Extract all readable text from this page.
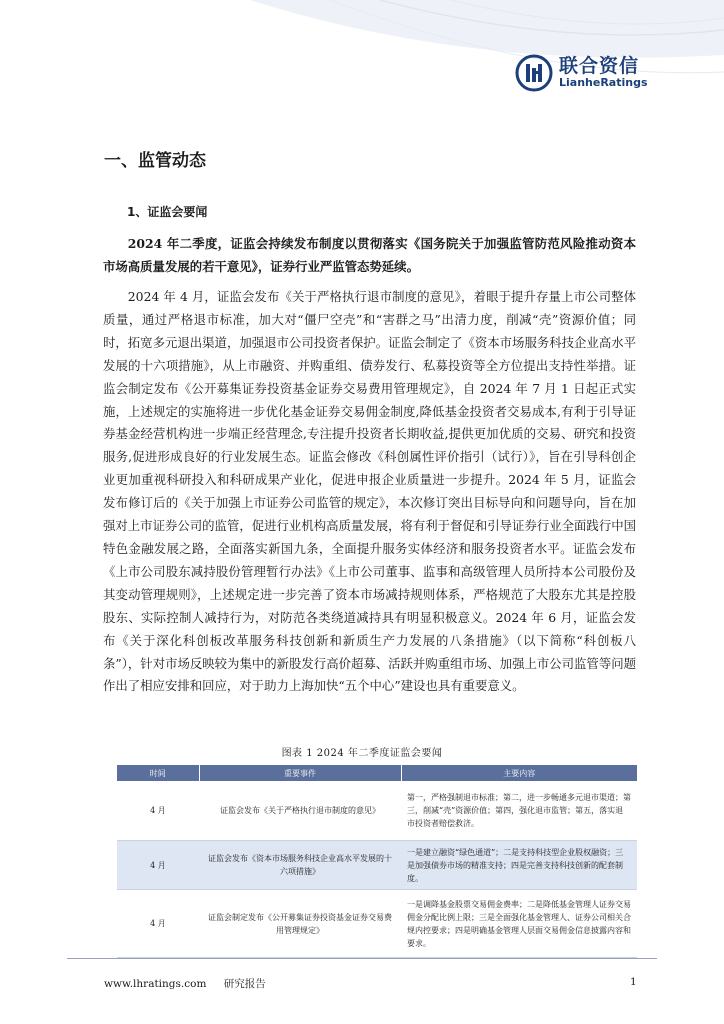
联合资信
LianheRatings
一、监管动态
1、证监会要闻

2024 年二季度，证监会持续发布制度以贯彻落实《国务院关于加强监管防范风险推动资本市场高质量发展的若干意见》，证券行业严监管态势延续。

2024 年 4 月，证监会发布《关于严格执行退市制度的意见》，着眼于提升存量上市公司整体质量，通过严格退市标准，加大对“僵尸空壳”和“害群之马”出清力度，削减“壳”资源价值；同时，拓宽多元退出渠道，加强退市公司投资者保护。证监会制定了《资本市场服务科技企业高水平发展的十六项措施》，从上市融资、并购重组、债券发行、私募投资等全方位提出支持性举措。证监会制定发布《公开募集证券投资基金证券交易费用管理规定》，自 2024 年 7 月 1 日起正式实施，上述规定的实施将进一步优化基金证券交易佣金制度,降低基金投资者交易成本,有利于引导证券基金经营机构进一步端正经营理念,专注提升投资者长期收益,提供更加优质的交易、研究和投资服务,促进形成良好的行业发展生态。证监会修改《科创属性评价指引（试行）》，旨在引导科创企业更加重视科研投入和科研成果产业化，促进申报企业质量进一步提升。2024 年 5 月，证监会发布修订后的《关于加强上市证券公司监管的规定》，本次修订突出目标导向和问题导向，旨在加强对上市证券公司的监管，促进行业机构高质量发展，将有利于督促和引导证券行业全面践行中国特色金融发展之路，全面落实新国九条，全面提升服务实体经济和服务投资者水平。证监会发布《上市公司股东减持股份管理暂行办法》《上市公司董事、监事和高级管理人员所持本公司股份及其变动管理规则》，上述规定进一步完善了资本市场减持规则体系，严格规范了大股东尤其是控股股东、实际控制人减持行为，对防范各类绕道减持具有明显积极意义。2024 年 6 月，证监会发布《关于深化科创板改革服务科技创新和新质生产力发展的八条措施》（以下简称“科创板八条”），针对市场反映较为集中的新股发行高价超募、活跃并购重组市场、加强上市公司监管等问题作出了相应安排和回应，对于助力上海加快“五个中心”建设也具有重要意义。

图表 1 2024 年二季度证监会要闻
时间	重要事件	主要内容
4 月	证监会发布《关于严格执行退市制度的意见》	第一，严格强制退市标准；第二，进一步畅通多元退市渠道；第三，削减“壳”资源价值；第四，强化退市监管；第五，落实退市投资者赔偿救济。
4 月	证监会发布《资本市场服务科技企业高水平发展的十六项措施》	一是建立融资“绿色通道”；二是支持科技型企业股权融资；三是加强债券市场的精准支持；四是完善支持科技创新的配套制度。
4 月	证监会制定发布《公开募集证券投资基金证券交易费用管理规定》	一是调降基金股票交易佣金费率；二是降低基金管理人证券交易佣金分配比例上限；三是全面强化基金管理人、证券公司相关合规内控要求；四是明确基金管理人层面交易佣金信息披露内容和要求。
www.lhratings.com 研究报告	1
